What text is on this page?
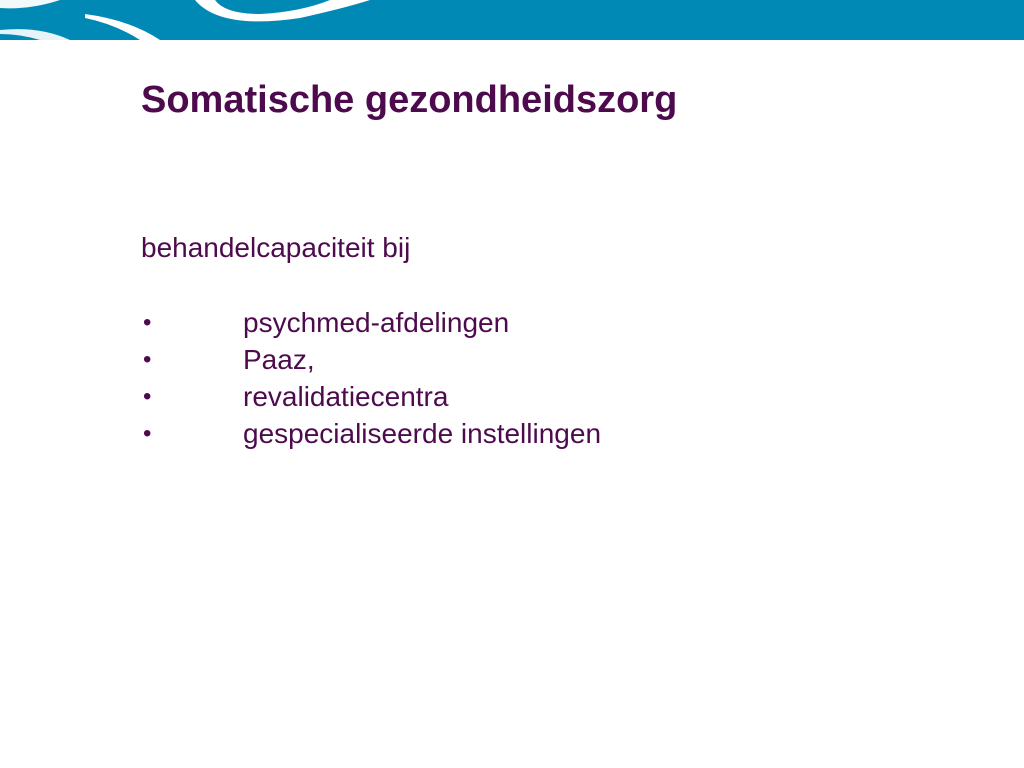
Somatische gezondheidszorg

behandelcapaciteit bij

•	psychmed-afdelingen
•	Paaz,
•	revalidatiecentra
•	gespecialiseerde instellingen
